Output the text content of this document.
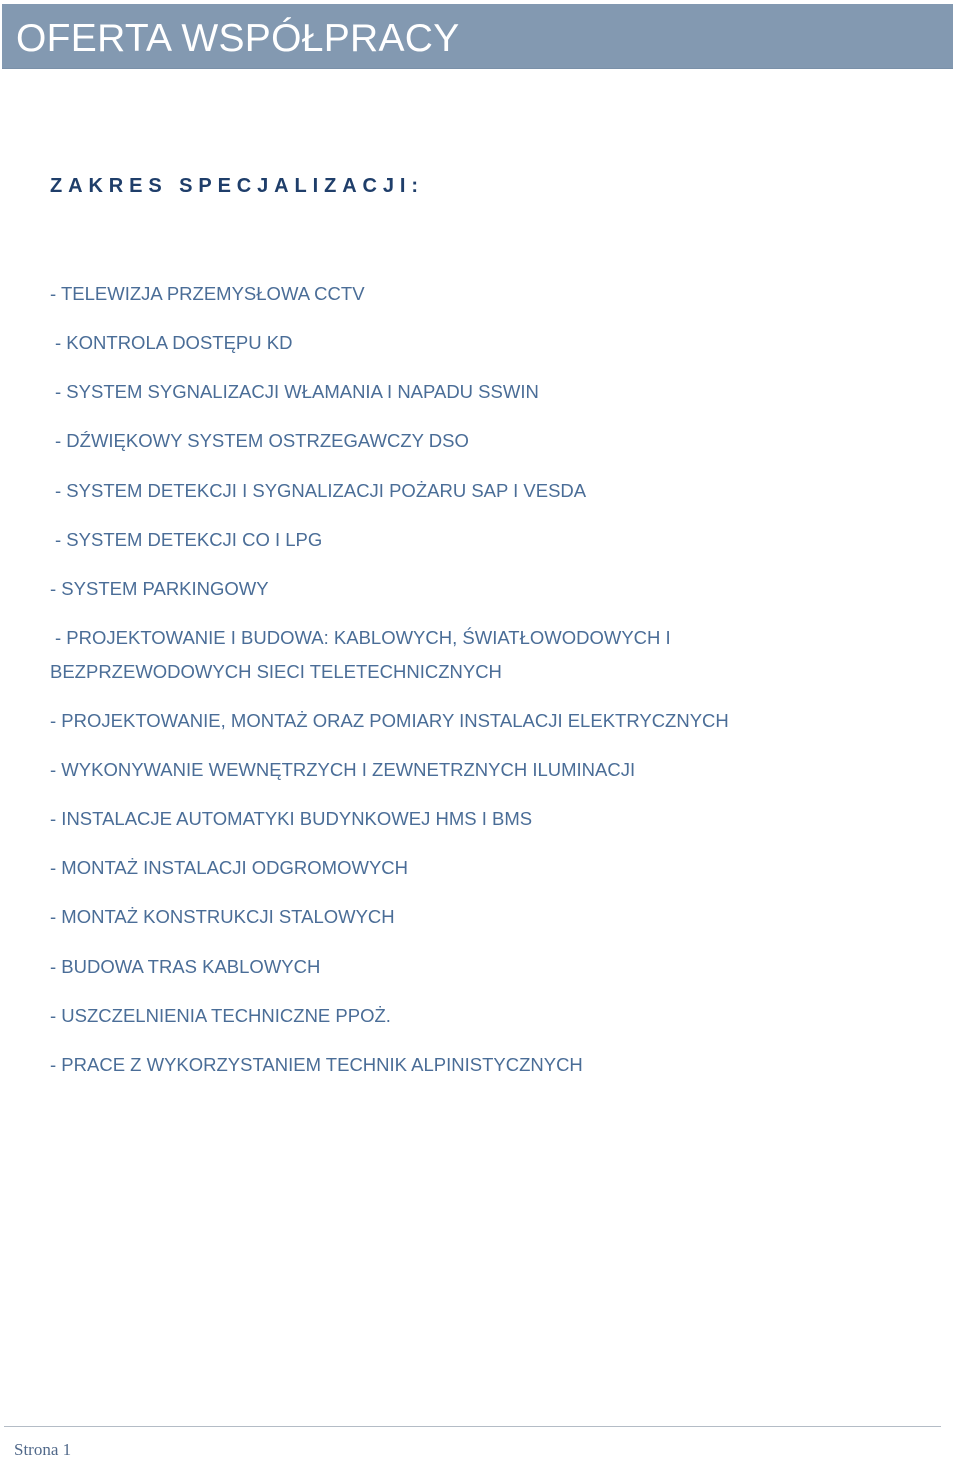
OFERTA WSPÓŁPRACY
ZAKRES SPECJALIZACJI:

- TELEWIZJA PRZEMYSŁOWA CCTV

- KONTROLA DOSTĘPU KD

- SYSTEM SYGNALIZACJI WŁAMANIA I NAPADU SSWIN

- DŹWIĘKOWY SYSTEM OSTRZEGAWCZY DSO

- SYSTEM DETEKCJI I SYGNALIZACJI POŻARU SAP I VESDA

- SYSTEM DETEKCJI CO I LPG

- SYSTEM PARKINGOWY

- PROJEKTOWANIE I BUDOWA: KABLOWYCH, ŚWIATŁOWODOWYCH I
BEZPRZEWODOWYCH SIECI TELETECHNICZNYCH

- PROJEKTOWANIE, MONTAŻ ORAZ POMIARY INSTALACJI ELEKTRYCZNYCH

- WYKONYWANIE WEWNĘTRZYCH I ZEWNETRZNYCH ILUMINACJI

- INSTALACJE AUTOMATYKI BUDYNKOWEJ HMS I BMS

- MONTAŻ INSTALACJI ODGROMOWYCH

- MONTAŻ KONSTRUKCJI STALOWYCH

- BUDOWA TRAS KABLOWYCH

- USZCZELNIENIA TECHNICZNE PPOŻ.

- PRACE Z WYKORZYSTANIEM TECHNIK ALPINISTYCZNYCH

Strona 1
